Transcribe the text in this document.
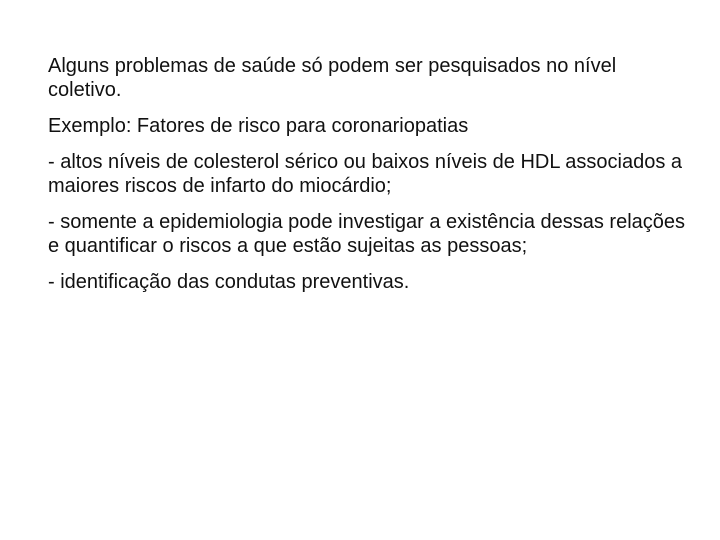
Alguns problemas de saúde só podem ser pesquisados no nível coletivo.

Exemplo: Fatores de risco para coronariopatias

- altos níveis de colesterol sérico ou baixos níveis de HDL associados a maiores riscos de infarto do miocárdio;

- somente a epidemiologia pode investigar a existência dessas relações e quantificar o riscos a que estão sujeitas as pessoas;

- identificação das condutas preventivas.
